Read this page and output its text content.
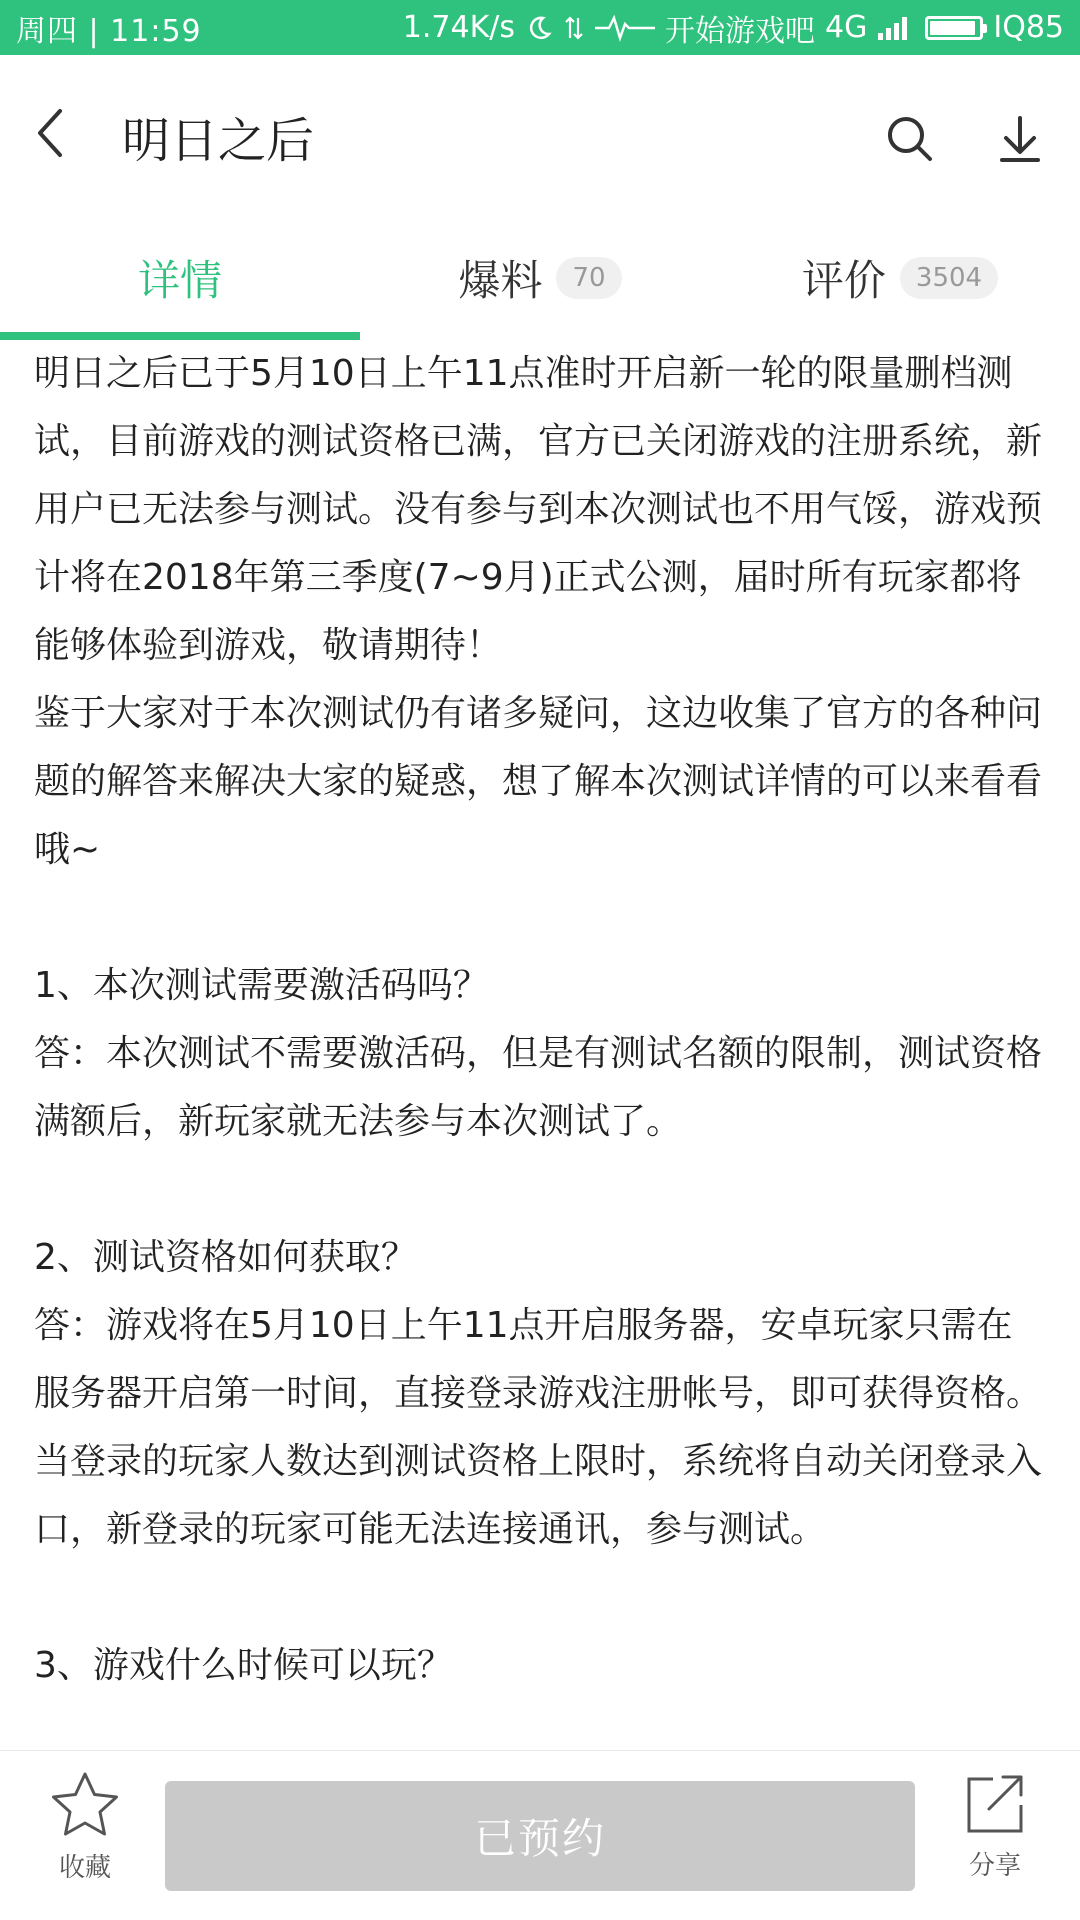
周四 | 11:59	1.74K/s	开始游戏吧 4G	IQ85
明日之后
详情	爆料	70	评价	3504

明日之后已于5月10日上午11点准时开启新一轮的限量删档测试，目前游戏的测试资格已满，官方已关闭游戏的注册系统，新用户已无法参与测试。没有参与到本次测试也不用气馁，游戏预计将在2018年第三季度(7~9月)正式公测，届时所有玩家都将能够体验到游戏，敬请期待！

鉴于大家对于本次测试仍有诸多疑问，这边收集了官方的各种问题的解答来解决大家的疑惑，想了解本次测试详情的可以来看看哦~

1、本次测试需要激活码吗？

答：本次测试不需要激活码，但是有测试名额的限制，测试资格满额后，新玩家就无法参与本次测试了。

2、测试资格如何获取？

答：游戏将在5月10日上午11点开启服务器，安卓玩家只需在服务器开启第一时间，直接登录游戏注册帐号，即可获得资格。当登录的玩家人数达到测试资格上限时，系统将自动关闭登录入口，新登录的玩家可能无法连接通讯，参与测试。

3、游戏什么时候可以玩？

收藏
已预约
分享
